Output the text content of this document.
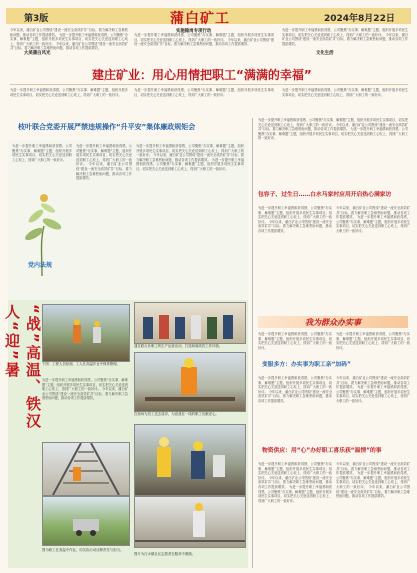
第3版	蒲白矿工	2024年8月22日
今年以来，蒲白矿业公司围绕“建设一流安全高效矿井”目标，着力解决职工急难愁盼问题，推动各项工作提质增效。 为进一步提升职工幸福感和获得感，公司聚焦“办实事、解难题”主题，组织开展多项民生实事项目，切实把关心关爱送到职工心坎上，得到广大职工的一致好评。 今年以来，蒲白矿业公司围绕“建设一流安全高效矿井”目标，着力解决职工急难愁盼问题，推动各项工作提质增效。
大美蒲白风光
为进一步提升职工幸福感和获得感，公司聚焦“办实事、解难题”主题，组织开展多项民生实事项目，切实把关心关爱送到职工心坎上，得到广大职工的一致好评。 今年以来，蒲白矿业公司围绕“建设一流安全高效矿井”目标，着力解决职工急难愁盼问题，推动各项工作提质增效。
实施稳岗专项行动	为进一步提升职工幸福感和获得感，公司聚焦“办实事、解难题”主题，组织开展多项民生实事项目，切实把关心关爱送到职工心坎上，得到广大职工的一致好评。 今年以来，蒲白矿业公司围绕“建设一流安全高效矿井”目标，着力解决职工急难愁盼问题，推动各项工作提质增效。
文化生活
建庄矿业：用心用情把职工“满满的幸福”
为进一步提升职工幸福感和获得感，公司聚焦“办实事、解难题”主题，组织开展多项民生实事项目，切实把关心关爱送到职工心坎上，得到广大职工的一致好评。
为进一步提升职工幸福感和获得感，公司聚焦“办实事、解难题”主题，组织开展多项民生实事项目，切实把关心关爱送到职工心坎上，得到广大职工的一致好评。
为进一步提升职工幸福感和获得感，公司聚焦“办实事、解难题”主题，组织开展多项民生实事项目，切实把关心关爱送到职工心坎上，得到广大职工的一致好评。
枝叶联合党委开展严禁违规操作“升平安”集体廉政规矩会
为进一步提升职工幸福感和获得感，公司聚焦“办实事、解难题”主题，组织开展多项民生实事项目，切实把关心关爱送到职工心坎上，得到广大职工的一致好评。
为进一步提升职工幸福感和获得感，公司聚焦“办实事、解难题”主题，组织开展多项民生实事项目，切实把关心关爱送到职工心坎上，得到广大职工的一致好评。 今年以来，蒲白矿业公司围绕“建设一流安全高效矿井”目标，着力解决职工急难愁盼问题，推动各项工作提质增效。
为进一步提升职工幸福感和获得感，公司聚焦“办实事、解难题”主题，组织开展多项民生实事项目，切实把关心关爱送到职工心坎上，得到广大职工的一致好评。 今年以来，蒲白矿业公司围绕“建设一流安全高效矿井”目标，着力解决职工急难愁盼问题，推动各项工作提质增效。 为进一步提升职工幸福感和获得感，公司聚焦“办实事、解难题”主题，组织开展多项民生实事项目，切实把关心关爱送到职工心坎上，得到广大职工的一致好评。
党内法规
“战”高温、铁汉人“迎”暑	下图：工程人员检测，工人在高温作业中保持警惕。
通过联合各职工的生产运营活动，打造和谐高效工作环境。
为进一步提升职工幸福感和获得感，公司聚焦“办实事、解难题”主题，组织开展多项民生实事项目，切实把关心关爱送到职工心坎上，得到广大职工的一致好评。 今年以来，蒲白矿业公司围绕“建设一流安全高效矿井”目标，着力解决职工急难愁盼问题，推动各项工作提质增效。
在现场为员工送去清凉，为奋战在一线的职工们献爱心。
图为职工在高温中作业，用实际行动诠释责任与担当。
图片为白水镇社区志愿者在服务中照顾。
为进一步提升职工幸福感和获得感，公司聚焦“办实事、解难题”主题，组织开展多项民生实事项目，切实把关心关爱送到职工心坎上，得到广大职工的一致好评。 今年以来，蒲白矿业公司围绕“建设一流安全高效矿井”目标，着力解决职工急难愁盼问题，推动各项工作提质增效。 为进一步提升职工幸福感和获得感，公司聚焦“办实事、解难题”主题，组织开展多项民生实事项目，切实把关心关爱送到职工心坎上，得到广大职工的一致好评。
包容子、过生日……白水马家村应用开启热心满家访
为进一步提升职工幸福感和获得感，公司聚焦“办实事、解难题”主题，组织开展多项民生实事项目，切实把关心关爱送到职工心坎上，得到广大职工的一致好评。 今年以来，蒲白矿业公司围绕“建设一流安全高效矿井”目标，着力解决职工急难愁盼问题，推动各项工作提质增效。
今年以来，蒲白矿业公司围绕“建设一流安全高效矿井”目标，着力解决职工急难愁盼问题，推动各项工作提质增效。 为进一步提升职工幸福感和获得感，公司聚焦“办实事、解难题”主题，组织开展多项民生实事项目，切实把关心关爱送到职工心坎上，得到广大职工的一致好评。
我为群众办实事
为进一步提升职工幸福感和获得感，公司聚焦“办实事、解难题”主题，组织开展多项民生实事项目，切实把关心关爱送到职工心坎上，得到广大职工的一致好评。
为进一步提升职工幸福感和获得感，公司聚焦“办实事、解难题”主题，组织开展多项民生实事项目，切实把关心关爱送到职工心坎上，得到广大职工的一致好评。
变服多方：办实事为职工亲“加码”
为进一步提升职工幸福感和获得感，公司聚焦“办实事、解难题”主题，组织开展多项民生实事项目，切实把关心关爱送到职工心坎上，得到广大职工的一致好评。 今年以来，蒲白矿业公司围绕“建设一流安全高效矿井”目标，着力解决职工急难愁盼问题，推动各项工作提质增效。
今年以来，蒲白矿业公司围绕“建设一流安全高效矿井”目标，着力解决职工急难愁盼问题，推动各项工作提质增效。 为进一步提升职工幸福感和获得感，公司聚焦“办实事、解难题”主题，组织开展多项民生实事项目，切实把关心关爱送到职工心坎上，得到广大职工的一致好评。
物资供应：用“心”办好职工喜乐获“温情”的事
为进一步提升职工幸福感和获得感，公司聚焦“办实事、解难题”主题，组织开展多项民生实事项目，切实把关心关爱送到职工心坎上，得到广大职工的一致好评。 今年以来，蒲白矿业公司围绕“建设一流安全高效矿井”目标，着力解决职工急难愁盼问题，推动各项工作提质增效。 为进一步提升职工幸福感和获得感，公司聚焦“办实事、解难题”主题，组织开展多项民生实事项目，切实把关心关爱送到职工心坎上，得到广大职工的一致好评。
今年以来，蒲白矿业公司围绕“建设一流安全高效矿井”目标，着力解决职工急难愁盼问题，推动各项工作提质增效。 为进一步提升职工幸福感和获得感，公司聚焦“办实事、解难题”主题，组织开展多项民生实事项目，切实把关心关爱送到职工心坎上，得到广大职工的一致好评。 今年以来，蒲白矿业公司围绕“建设一流安全高效矿井”目标，着力解决职工急难愁盼问题，推动各项工作提质增效。
